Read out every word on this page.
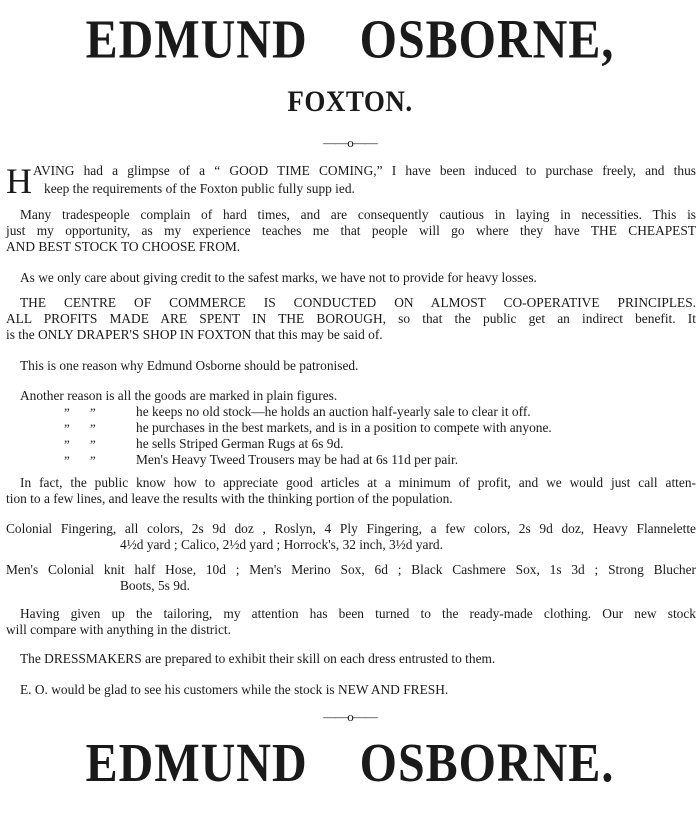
EDMUND    OSBORNE,
FOXTON.
——o——
H AVING had a glimpse of a “ GOOD TIME COMING,” I have been induced to purchase freely, and thus
keep the requirements of the Foxton public fully supp ied.
Many tradespeople complain of hard times, and are consequently cautious in laying in necessities. This is
just my opportunity, as my experience teaches me that people will go where they have THE CHEAPEST
AND BEST STOCK TO CHOOSE FROM.
As we only care about giving credit to the safest marks, we have not to provide for heavy losses.
THE CENTRE OF COMMERCE IS CONDUCTED ON ALMOST CO-OPERATIVE PRINCIPLES.
ALL PROFITS MADE ARE SPENT IN THE BOROUGH, so that the public get an indirect benefit. It
is the ONLY DRAPER'S SHOP IN FOXTON that this may be said of.
This is one reason why Edmund Osborne should be patronised.
Another reason is all the goods are marked in plain figures.
” ”	he keeps no old stock—he holds an auction half-yearly sale to clear it off.
” ”	he purchases in the best markets, and is in a position to compete with anyone.
” ”	he sells Striped German Rugs at 6s 9d.
” ”	Men's Heavy Tweed Trousers may be had at 6s 11d per pair.
In fact, the public know how to appreciate good articles at a minimum of profit, and we would just call atten-
tion to a few lines, and leave the results with the thinking portion of the population.
Colonial Fingering, all colors, 2s 9d doz , Roslyn, 4 Ply Fingering, a few colors, 2s 9d doz, Heavy Flannelette
4½d yard ; Calico, 2½d yard ; Horrock's, 32 inch, 3½d yard.
Men's Colonial knit half Hose, 10d ; Men's Merino Sox, 6d ; Black Cashmere Sox, 1s 3d ; Strong Blucher
Boots, 5s 9d.
Having given up the tailoring, my attention has been turned to the ready-made clothing. Our new stock
will compare with anything in the district.
The DRESSMAKERS are prepared to exhibit their skill on each dress entrusted to them.
E. O. would be glad to see his customers while the stock is NEW AND FRESH.
——o——
EDMUND    OSBORNE.
